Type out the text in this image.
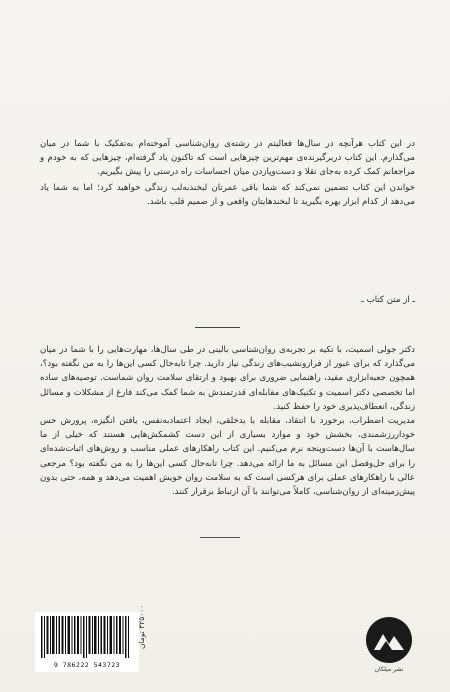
در این کتاب هرآنچه در سال‌ها فعالیتم در رشته‌ی روان‌شناسی آموخته‌ام به‌تفکیک با شما در میان می‌گذارم. این کتاب دربرگیرنده‌ی مهم‌ترین چیزهایی است که تاکنون یاد گرفته‌ام، چیزهایی که به خودم و مراجعانم کمک کرده به‌جای تقلا و دست‌وپازدن میان احساسات راه درستی را پیش بگیریم.

خواندن این کتاب تضمین نمی‌کند که شما باقی عمرتان لبخندبه‌لب زندگی خواهید کرد؛ اما به شما یاد می‌دهد از کدام ابزار بهره بگیرید تا لبخندهایتان واقعی و از صمیم قلب باشد.

ـ از متن کتاب ـ

دکتر جولی اسمیت، با تکیه بر تجربه‌ی روان‌شناسی بالینی در طی سال‌ها، مهارت‌هایی را با شما در میان می‌گذارد که برای عبور از فرازونشیب‌های زندگی نیاز دارید. چرا تابه‌حال کسی این‌ها را به من نگفته بود؟، همچون جعبه‌ابزاری مفید، راهنمایی ضروری برای بهبود و ارتقای سلامت روان شماست. توصیه‌های ساده اما تخصصی دکتر اسمیت و تکنیک‌های مقابله‌ای قدرتمندش به شما کمک می‌کند فارغ از مشکلات و مسائل زندگی، انعطاف‌پذیری خود را حفظ کنید.

مدیریت اضطراب، برخورد با انتقاد، مقابله با بدخلقی، ایجاد اعتمادبه‌نفس، یافتن انگیزه، پرورش حس خوداررزشمندی، بخشش خود و موارد بسیاری از این دست کشمکش‌هایی هستند که خیلی از ما سال‌هاست با آن‌ها دست‌وپنجه نرم می‌کنیم. این کتاب راهکارهای عملی مناسب و روش‌های اثبات‌شده‌ای را برای حل‌وفصل این مسائل به ما ارائه می‌دهد. چرا تابه‌حال کسی این‌ها را به من نگفته بود؟ مرجعی عالی با راهکارهای عملی برای هرکسی است که به سلامت روان خویش اهمیت می‌دهد و همه، حتی بدون پیش‌زمینه‌ای از روان‌شناسی، کاملاً می‌توانند با آن ارتباط برقرار کنند.

9 786222 543723
۳۲۵۰۰۰ تومان
نشر میلکان
